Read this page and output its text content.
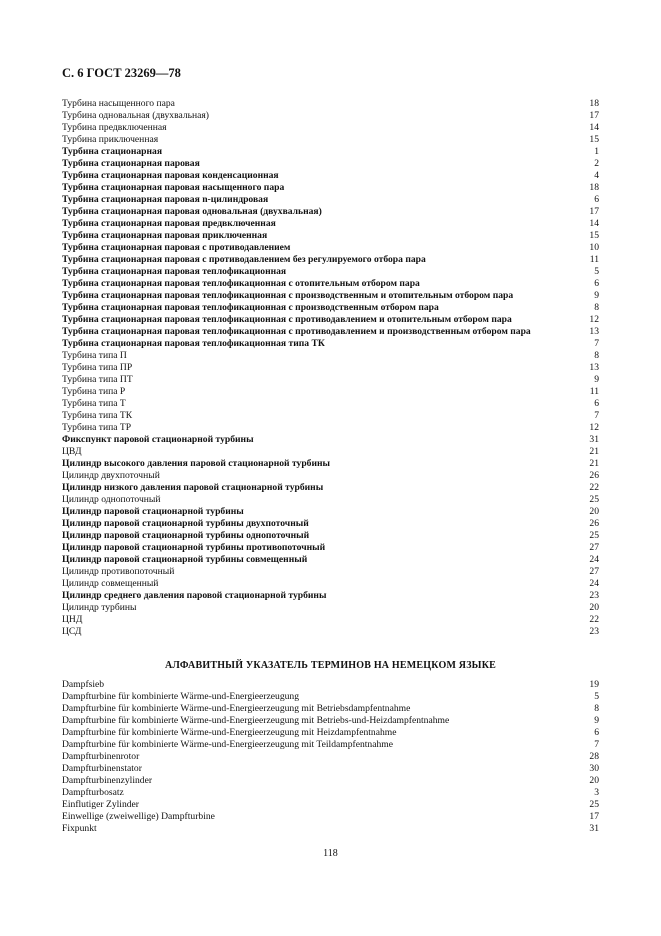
С. 6 ГОСТ 23269—78
Турбина насыщенного пара	18
Турбина одновальная (двухвальная)	17
Турбина предвключенная	14
Турбина приключенная	15
Турбина стационарная	1
Турбина стационарная паровая	2
Турбина стационарная паровая конденсационная	4
Турбина стационарная паровая насыщенного пара	18
Турбина стационарная паровая n-цилиндровая	6
Турбина стационарная паровая одновальная (двухвальная)	17
Турбина стационарная паровая предвключенная	14
Турбина стационарная паровая приключенная	15
Турбина стационарная паровая с противодавлением	10
Турбина стационарная паровая с противодавлением без регулируемого отбора пара	11
Турбина стационарная паровая теплофикационная	5
Турбина стационарная паровая теплофикационная с отопительным отбором пара	6
Турбина стационарная паровая теплофикационная с производственным и отопительным отбором пара	9
Турбина стационарная паровая теплофикационная с производственным отбором пара	8
Турбина стационарная паровая теплофикационная с противодавлением и отопительным отбором пара	12
Турбина стационарная паровая теплофикационная с противодавлением и производственным отбором пара	13
Турбина стационарная паровая теплофикационная типа ТК	7
Турбина типа П	8
Турбина типа ПР	13
Турбина типа ПТ	9
Турбина типа Р	11
Турбина типа Т	6
Турбина типа ТК	7
Турбина типа ТР	12
Фикспункт паровой стационарной турбины	31
ЦВД	21
Цилиндр высокого давления паровой стационарной турбины	21
Цилиндр двухпоточный	26
Цилиндр низкого давления паровой стационарной турбины	22
Цилиндр однопоточный	25
Цилиндр паровой стационарной турбины	20
Цилиндр паровой стационарной турбины двухпоточный	26
Цилиндр паровой стационарной турбины однопоточный	25
Цилиндр паровой стационарной турбины противопоточный	27
Цилиндр паровой стационарной турбины совмещенный	24
Цилиндр противопоточный	27
Цилиндр совмещенный	24
Цилиндр среднего давления паровой стационарной турбины	23
Цилиндр турбины	20
ЦНД	22
ЦСД	23
АЛФАВИТНЫЙ УКАЗАТЕЛЬ ТЕРМИНОВ НА НЕМЕЦКОМ ЯЗЫКЕ
Dampfsieb	19
Dampfturbine für kombinierte Wärme-und-Energieerzeugung	5
Dampfturbine für kombinierte Wärme-und-Energieerzeugung mit Betriebsdampfentnahme	8
Dampfturbine für kombinierte Wärme-und-Energieerzeugung mit Betriebs-und-Heizdampfentnahme	9
Dampfturbine für kombinierte Wärme-und-Energieerzeugung mit Heizdampfentnahme	6
Dampfturbine für kombinierte Wärme-und-Energieerzeugung mit Teildampfentnahme	7
Dampfturbinenrotor	28
Dampfturbinenstator	30
Dampfturbinenzylinder	20
Dampfturbosatz	3
Einflutiger Zylinder	25
Einwellige (zweiwellige) Dampfturbine	17
Fixpunkt	31
118
